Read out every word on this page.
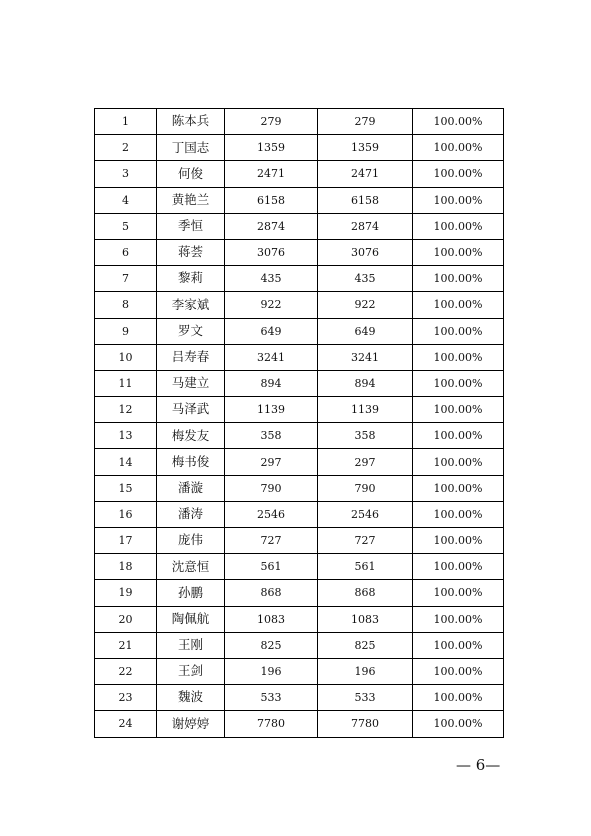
1	陈本兵	279	279	100.00%
2	丁国志	1359	1359	100.00%
3	何俊	2471	2471	100.00%
4	黄艳兰	6158	6158	100.00%
5	季恒	2874	2874	100.00%
6	蒋荟	3076	3076	100.00%
7	黎莉	435	435	100.00%
8	李家斌	922	922	100.00%
9	罗文	649	649	100.00%
10	吕寿春	3241	3241	100.00%
11	马建立	894	894	100.00%
12	马泽武	1139	1139	100.00%
13	梅发友	358	358	100.00%
14	梅书俊	297	297	100.00%
15	潘漩	790	790	100.00%
16	潘涛	2546	2546	100.00%
17	庞伟	727	727	100.00%
18	沈意恒	561	561	100.00%
19	孙鹏	868	868	100.00%
20	陶佩航	1083	1083	100.00%
21	王刚	825	825	100.00%
22	王剑	196	196	100.00%
23	魏波	533	533	100.00%
24	谢婷婷	7780	7780	100.00%
— 6—
